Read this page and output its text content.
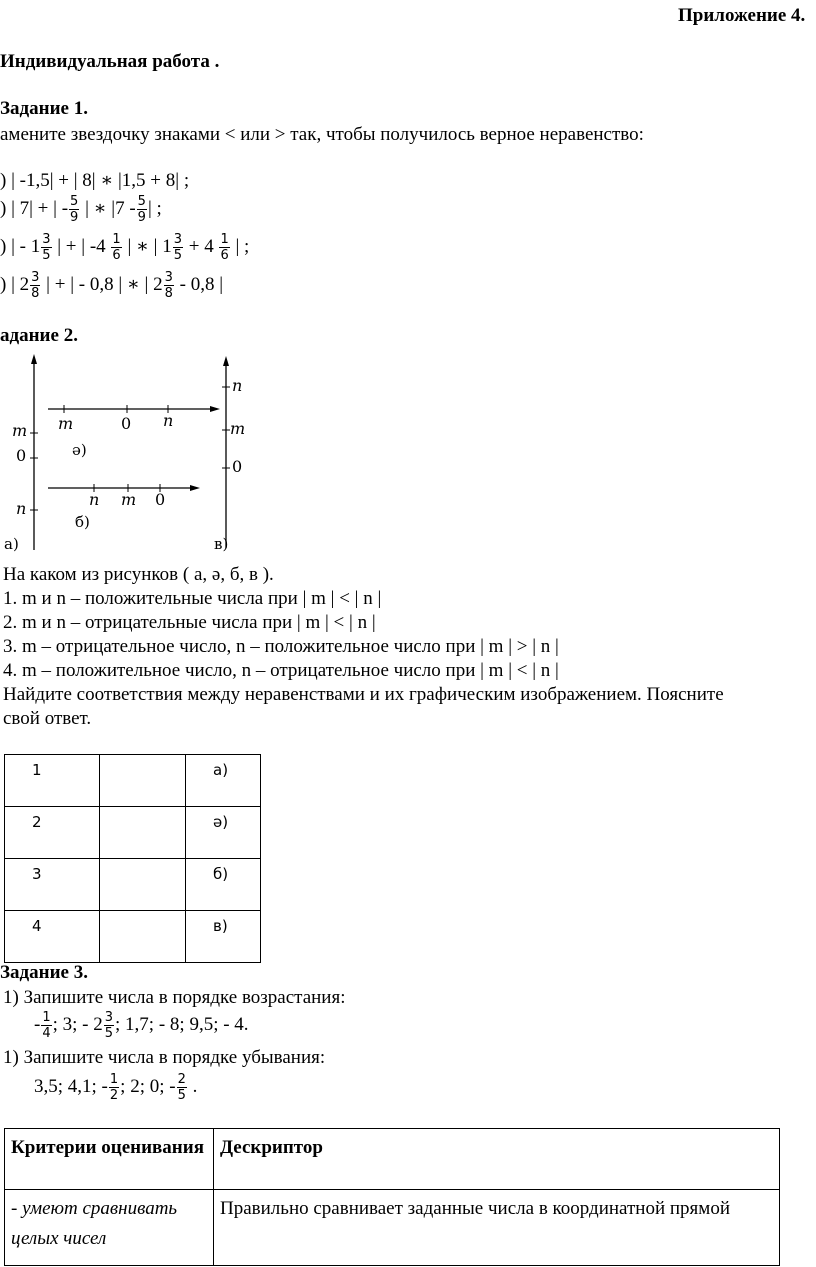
Приложение 4.
Индивидуальная работа .
Задание 1.
амените звездочку знаками < или > так, чтобы получилось верное неравенство:
) | -1,5| + | 8| ∗ |1,5 + 8| ;
) | 7| + | - $\frac{5}{9}$ | ∗ $|7 - \frac{5}{9}$ | ;
) | - $1 \frac{3}{5}$ | + | $-4 \frac{1}{6}$ | ∗ | $1 \frac{3}{5} + 4 \frac{1}{6}$ | ;
) | $2 \frac{3}{8}$ | + | - 0,8 | ∗ | $2 \frac{3}{8} - 0,8$ |
адание 2.
m
0
n
а)
m	0 n
ә)
n m 0
б)
n
m
0
в)
На каком из рисунков ( а, ә, б, в ).
1. m и n – положительные числа при | m | < | n |
2. m и n – отрицательные числа при | m | < | n |
3. m – отрицательное число, n – положительное число при | m | > | n |
4. m – положительное число, n – отрицательное число при | m | < | n |
Найдите соответствия между неравенствами и их графическим изображением. Поясните
свой ответ.
1		а)
2		ә)
3		б)
4		в)
Задание 3.
1) Запишите числа в порядке возрастания:
- $\frac{1}{4}$ ; 3; - $2 \frac{3}{5}$ ; 1,7; - 8; 9,5; - 4.
1) Запишите числа в порядке убывания:
3,5; 4,1; - $\frac{1}{2}$ ; 2; 0; - $\frac{2}{5}$ .
Критерии оценивания	Дескриптор
- умеют сравнивать целых чисел	Правильно сравнивает заданные числа в координатной прямой
